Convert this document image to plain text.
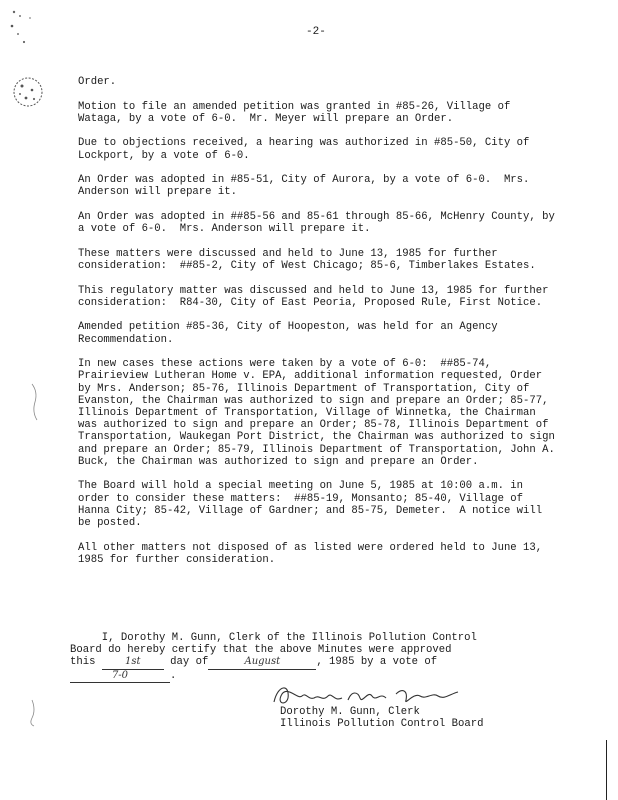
-2-

Order.

Motion to file an amended petition was granted in #85-26, Village of Wataga, by a vote of 6-0.  Mr. Meyer will prepare an Order.

Due to objections received, a hearing was authorized in #85-50, City of Lockport, by a vote of 6-0.

An Order was adopted in #85-51, City of Aurora, by a vote of 6-0.  Mrs. Anderson will prepare it.

An Order was adopted in ##85-56 and 85-61 through 85-66, McHenry County, by a vote of 6-0.  Mrs. Anderson will prepare it.

These matters were discussed and held to June 13, 1985 for further consideration:  ##85-2, City of West Chicago; 85-6, Timberlakes Estates.

This regulatory matter was discussed and held to June 13, 1985 for further consideration:  R84-30, City of East Peoria, Proposed Rule, First Notice.

Amended petition #85-36, City of Hoopeston, was held for an Agency Recommendation.

In new cases these actions were taken by a vote of 6-0:  ##85-74, Prairieview Lutheran Home v. EPA, additional information requested, Order by Mrs. Anderson; 85-76, Illinois Department of Transportation, City of Evanston, the Chairman was authorized to sign and prepare an Order; 85-77, Illinois Department of Transportation, Village of Winnetka, the Chairman was authorized to sign and prepare an Order; 85-78, Illinois Department of Transportation, Waukegan Port District, the Chairman was authorized to sign and prepare an Order; 85-79, Illinois Department of Transportation, John A. Buck, the Chairman was authorized to sign and prepare an Order.

The Board will hold a special meeting on June 5, 1985 at 10:00 a.m. in order to consider these matters:  ##85-19, Monsanto; 85-40, Village of Hanna City; 85-42, Village of Gardner; and 85-75, Demeter.  A notice will be posted.

All other matters not disposed of as listed were ordered held to June 13, 1985 for further consideration.

I, Dorothy M. Gunn, Clerk of the Illinois Pollution Control
Board do hereby certify that the above Minutes were approved
this	1st	day of	August	, 1985 by a vote of
7-0	.
Dorothy M. Gunn, Clerk
Illinois Pollution Control Board
